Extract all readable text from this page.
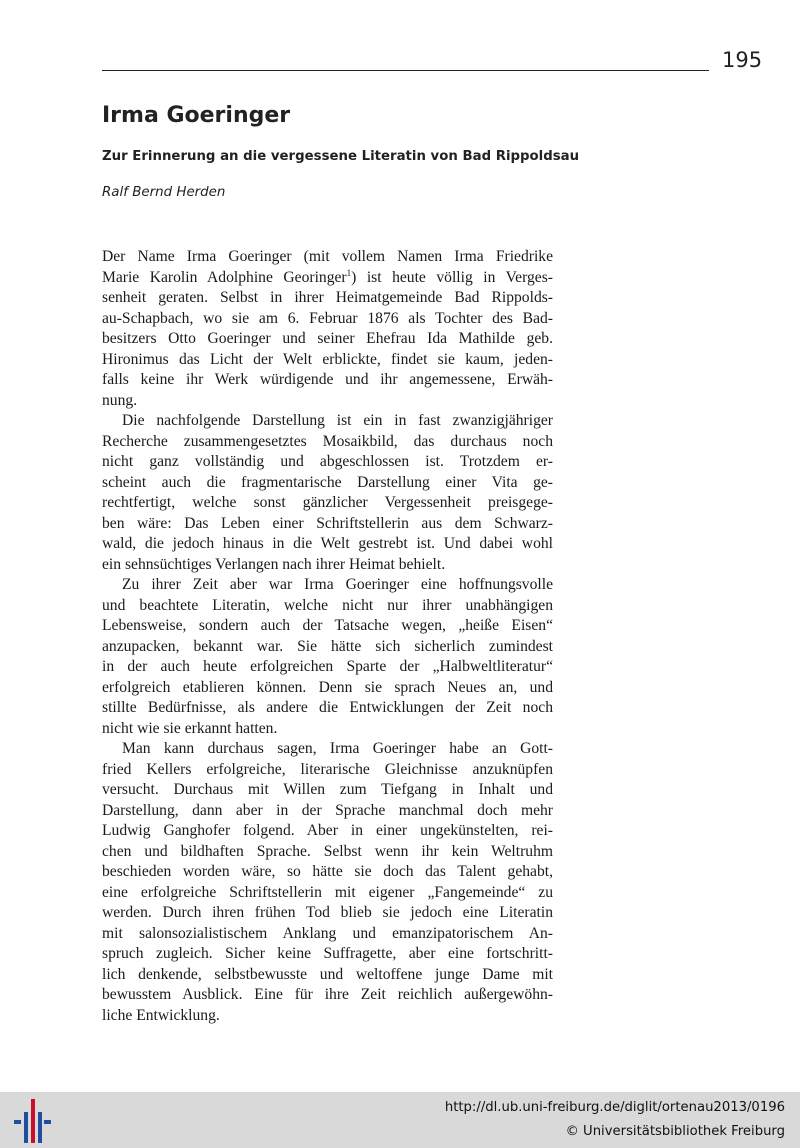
195
Irma Goeringer
Zur Erinnerung an die vergessene Literatin von Bad Rippoldsau

Ralf Bernd Herden

Der Name Irma Goeringer (mit vollem Namen Irma Friedrike
Marie Karolin Adolphine Georinger$^1$) ist heute völlig in Verges-
senheit geraten. Selbst in ihrer Heimatgemeinde Bad Rippolds-
au-Schapbach, wo sie am 6. Februar 1876 als Tochter des Bad-
besitzers Otto Goeringer und seiner Ehefrau Ida Mathilde geb.
Hironimus das Licht der Welt erblickte, findet sie kaum, jeden-
falls keine ihr Werk würdigende und ihr angemessene, Erwäh-
nung.
Die nachfolgende Darstellung ist ein in fast zwanzigjähriger
Recherche zusammengesetztes Mosaikbild, das durchaus noch
nicht ganz vollständig und abgeschlossen ist. Trotzdem er-
scheint auch die fragmentarische Darstellung einer Vita ge-
rechtfertigt, welche sonst gänzlicher Vergessenheit preisgege-
ben wäre: Das Leben einer Schriftstellerin aus dem Schwarz-
wald, die jedoch hinaus in die Welt gestrebt ist. Und dabei wohl
ein sehnsüchtiges Verlangen nach ihrer Heimat behielt.
Zu ihrer Zeit aber war Irma Goeringer eine hoffnungsvolle
und beachtete Literatin, welche nicht nur ihrer unabhängigen
Lebensweise, sondern auch der Tatsache wegen, „heiße Eisen“
anzupacken, bekannt war. Sie hätte sich sicherlich zumindest
in der auch heute erfolgreichen Sparte der „Halbweltliteratur“
erfolgreich etablieren können. Denn sie sprach Neues an, und
stillte Bedürfnisse, als andere die Entwicklungen der Zeit noch
nicht wie sie erkannt hatten.
Man kann durchaus sagen, Irma Goeringer habe an Gott-
fried Kellers erfolgreiche, literarische Gleichnisse anzuknüpfen
versucht. Durchaus mit Willen zum Tiefgang in Inhalt und
Darstellung, dann aber in der Sprache manchmal doch mehr
Ludwig Ganghofer folgend. Aber in einer ungekünstelten, rei-
chen und bildhaften Sprache. Selbst wenn ihr kein Weltruhm
beschieden worden wäre, so hätte sie doch das Talent gehabt,
eine erfolgreiche Schriftstellerin mit eigener „Fangemeinde“ zu
werden. Durch ihren frühen Tod blieb sie jedoch eine Literatin
mit salonsozialistischem Anklang und emanzipatorischem An-
spruch zugleich. Sicher keine Suffragette, aber eine fortschritt-
lich denkende, selbstbewusste und weltoffene junge Dame mit
bewusstem Ausblick. Eine für ihre Zeit reichlich außergewöhn-
liche Entwicklung.
http://dl.ub.uni-freiburg.de/diglit/ortenau2013/0196
© Universitätsbibliothek Freiburg
